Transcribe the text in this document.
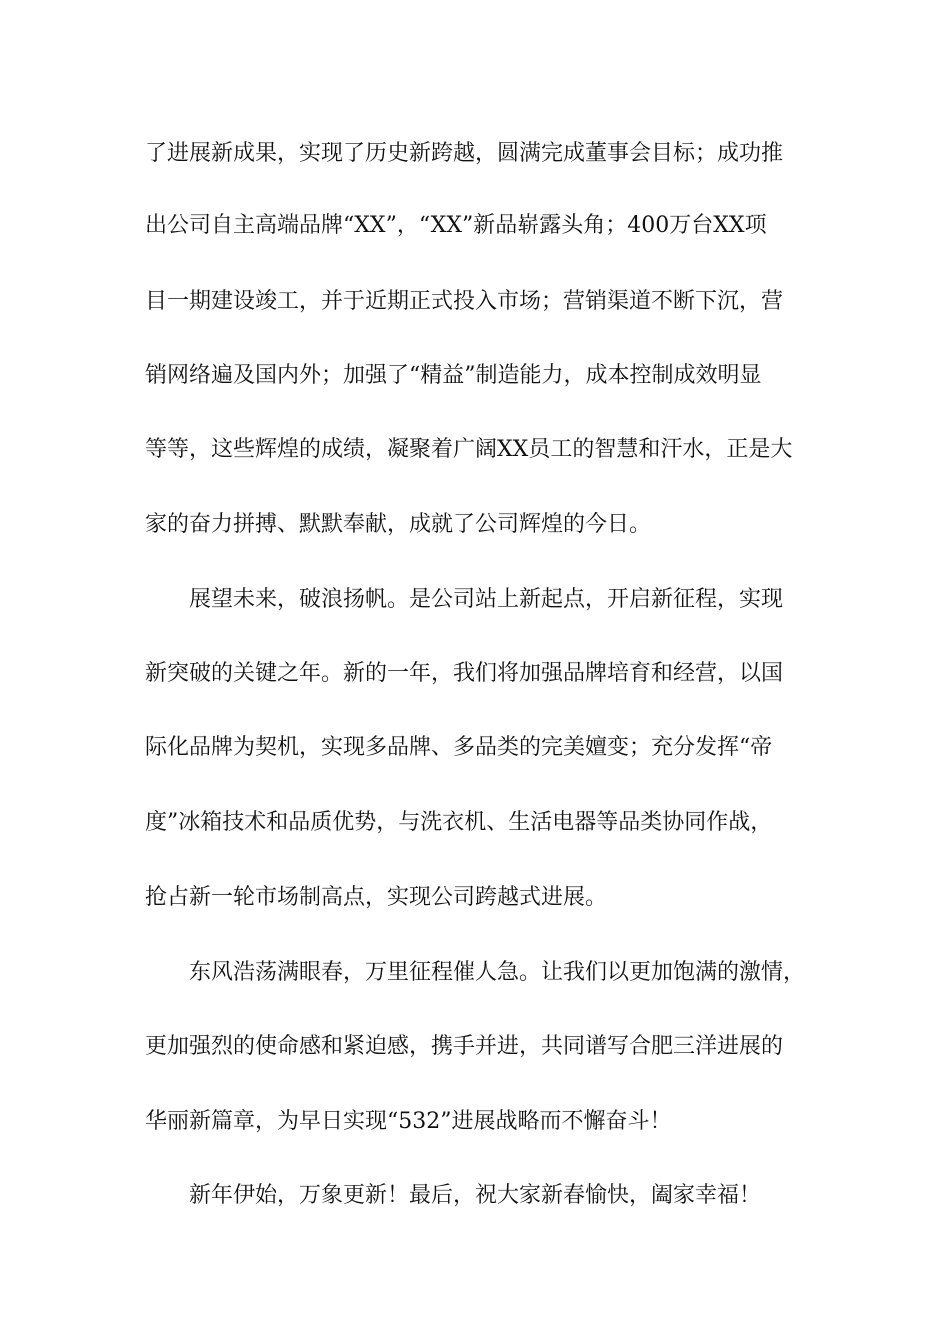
了进展新成果，实现了历史新跨越，圆满完成董事会目标；成功推
出公司自主高端品牌“XX”，“XX”新品崭露头角；400万台XX项
目一期建设竣工，并于近期正式投入市场；营销渠道不断下沉，营
销网络遍及国内外；加强了“精益”制造能力，成本控制成效明显
等等，这些辉煌的成绩，凝聚着广阔XX员工的智慧和汗水，正是大
家的奋力拼搏、默默奉献，成就了公司辉煌的今日。
展望未来，破浪扬帆。是公司站上新起点，开启新征程，实现
新突破的关键之年。新的一年，我们将加强品牌培育和经营，以国
际化品牌为契机，实现多品牌、多品类的完美嬗变；充分发挥“帝
度”冰箱技术和品质优势，与洗衣机、生活电器等品类协同作战，
抢占新一轮市场制高点，实现公司跨越式进展。
东风浩荡满眼春，万里征程催人急。让我们以更加饱满的激情，
更加强烈的使命感和紧迫感，携手并进，共同谱写合肥三洋进展的
华丽新篇章，为早日实现“532”进展战略而不懈奋斗！
新年伊始，万象更新！最后，祝大家新春愉快，阖家幸福！
